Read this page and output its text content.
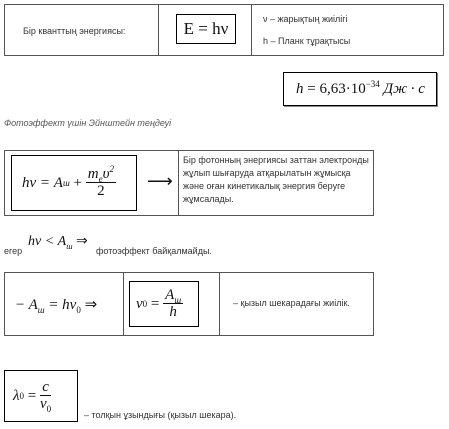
Бір кванттың энергиясы:	E = hν	ν – жарықтың жиілігі
h – Планк тұрақтысы
$h = 6,63\cdot 10^{-34}$ Дж · с
Фотоэффект үшін Эйнштейн теңдеуі
hν = A $ш + \frac{m_e\upsilon^2}{2}$ ⟶
Бір фотонның энергиясы заттан электронды жұлып шығаруда атқарылатын жұмысқа және оған кинетикалық энергия беруге жұмсалады.
егер
$h\nu < A_ш$ ⇒
фотоэффект байқалмайды.
− $A_ш = h\nu_0$ ⇒	ν $0 = \frac{A_ш}{h}$	– қызыл шекарадағы жиілік.
λ $0 = \frac{c}{\nu_0}$
– толқын ұзындығы (қызыл шекара).
